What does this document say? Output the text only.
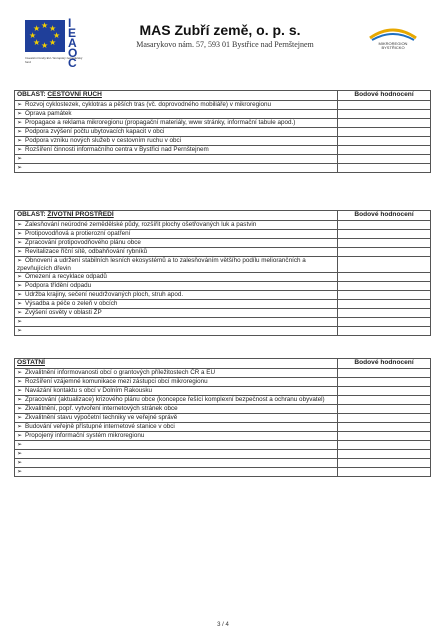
★ ★
★
★
★
★
★
★ I
E
A
O
C
Investicní fondy EU / Evropský zemědelský fond
MAS Zubří země, o. p. s.
Masarykovo nám. 57, 593 01 Bystřice nad Pernštejnem	MIKROREGION BYSTŘICKO
OBLAST: CESTOVNÍ RUCH	Bodové hodnocení
➢ Rozvoj cyklostezek, cyklotras a pěších tras (vč. doprovodného mobiliáře) v mikroregionu	
➢ Oprava památek	
➢ Propagace a reklama mikroregionu (propagační materiály, www stránky, informační tabule apod.)	
➢ Podpora zvýšení počtu ubytovacích kapacit v obci	
➢ Podpora vzniku nových služeb v cestovním ruchu v obci	
➢ Rozšíření činnosti informačního centra v Bystřici nad Pernštejnem	
➢	
➢	
OBLAST: ŽIVOTNÍ PROSTŘEDÍ	Bodové hodnocení
➢ Zalesňování neúrodné zemědělské půdy, rozšířit plochy ošetřovaných luk a pastvin	
➢ Protipovodňová a protierozní opatření	
➢ Zpracování protipovodňového plánu obce	
➢ Revitalizace říční sítě, odbahňování rybníků	
➢ Obnovení a udržení stabilních lesních ekosystémů a to zalesňováním většího podílu meliorančních a zpevňujících dřevin	
➢ Omezení a recyklace odpadů	
➢ Podpora třídění odpadu	
➢ Údržba krajiny, sečení neudržovaných ploch, struh apod.	
➢ Výsadba a péče o zeleň v obcích	
➢ Zvýšení osvěty v oblasti ŽP	
➢	
➢	
OSTATNÍ	Bodové hodnocení
➢ Zkvalitnění informovanosti obcí o grantových příležitostech ČR a EU	
➢ Rozšíření vzájemné komunikace mezi zástupci obcí mikroregionu	
➢ Navázání kontaktu s obcí v Dolním Rakousku	
➢ Zpracování (aktualizace) krizového plánu obce (koncepce řešící komplexní bezpečnost a ochranu obyvatel)	
➢ Zkvalitnění, popř. vytvoření internetových stránek obce	
➢ Zkvalitnění stavu výpočetní techniky ve veřejné správě	
➢ Budování veřejně přístupné internetové stanice v obci	
➢ Propojený informační systém mikroregionu	
➢	
➢	
➢	
➢	
3 / 4
